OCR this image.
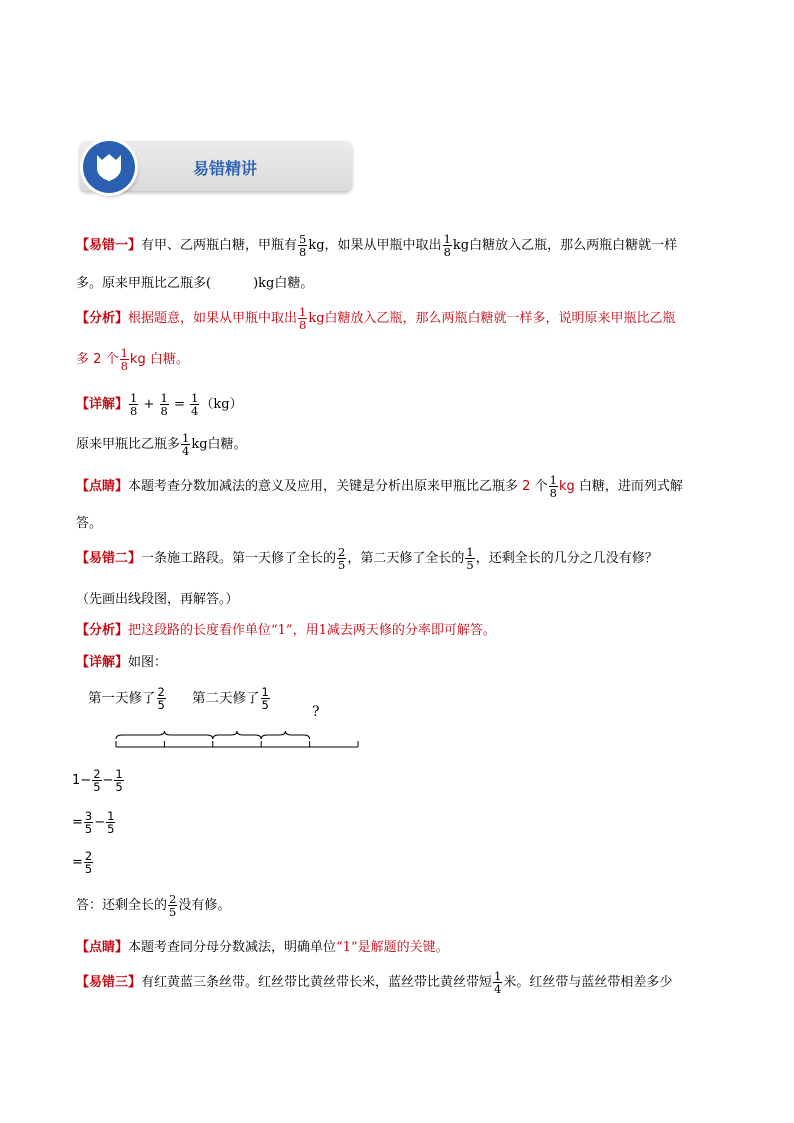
易错精讲
【易错一】有甲、乙两瓶白糖，甲瓶有 $\frac{5}{8}$ kg，如果从甲瓶中取出 $\frac{1}{8}$ kg白糖放入乙瓶，那么两瓶白糖就一样
多。原来甲瓶比乙瓶多(	)kg白糖。
【分析】根据题意，如果从甲瓶中取出 $\frac{1}{8}$ kg白糖放入乙瓶，那么两瓶白糖就一样多，说明原来甲瓶比乙瓶
多 2 个 $\frac{1}{8}$ kg 白糖。
【详解】 $\frac{1}{8} + \frac{1}{8} = \frac{1}{4} (kg)$
原来甲瓶比乙瓶多 $\frac{1}{4}$ kg白糖。
【点睛】本题考查分数加减法的意义及应用，关键是分析出原来甲瓶比乙瓶多 2 个 $\frac{1}{8}$ kg 白糖，进而列式解
答。
【易错二】一条施工路段。第一天修了全长的 $\frac{2}{5}$ ，第二天修了全长的 $\frac{1}{5}$ ，还剩全长的几分之几没有修？
（先画出线段图，再解答。）
【分析】把这段路的长度看作单位“1”，用1减去两天修的分率即可解答。
【详解】如图：
第一天修了 $\frac{2}{5}$ 第二天修了 $\frac{1}{5}$
?
$1- \frac{2}{5} - \frac{1}{5}$
= $\frac{3}{5} - \frac{1}{5}$
= $\frac{2}{5}$
答：还剩全长的 $\frac{2}{5}$ 没有修。
【点睛】本题考查同分母分数减法，明确单位“1”是解题的关键。
【易错三】有红黄蓝三条丝带。红丝带比黄丝带长米，蓝丝带比黄丝带短 $\frac{1}{4}$ 米。红丝带与蓝丝带相差多少
